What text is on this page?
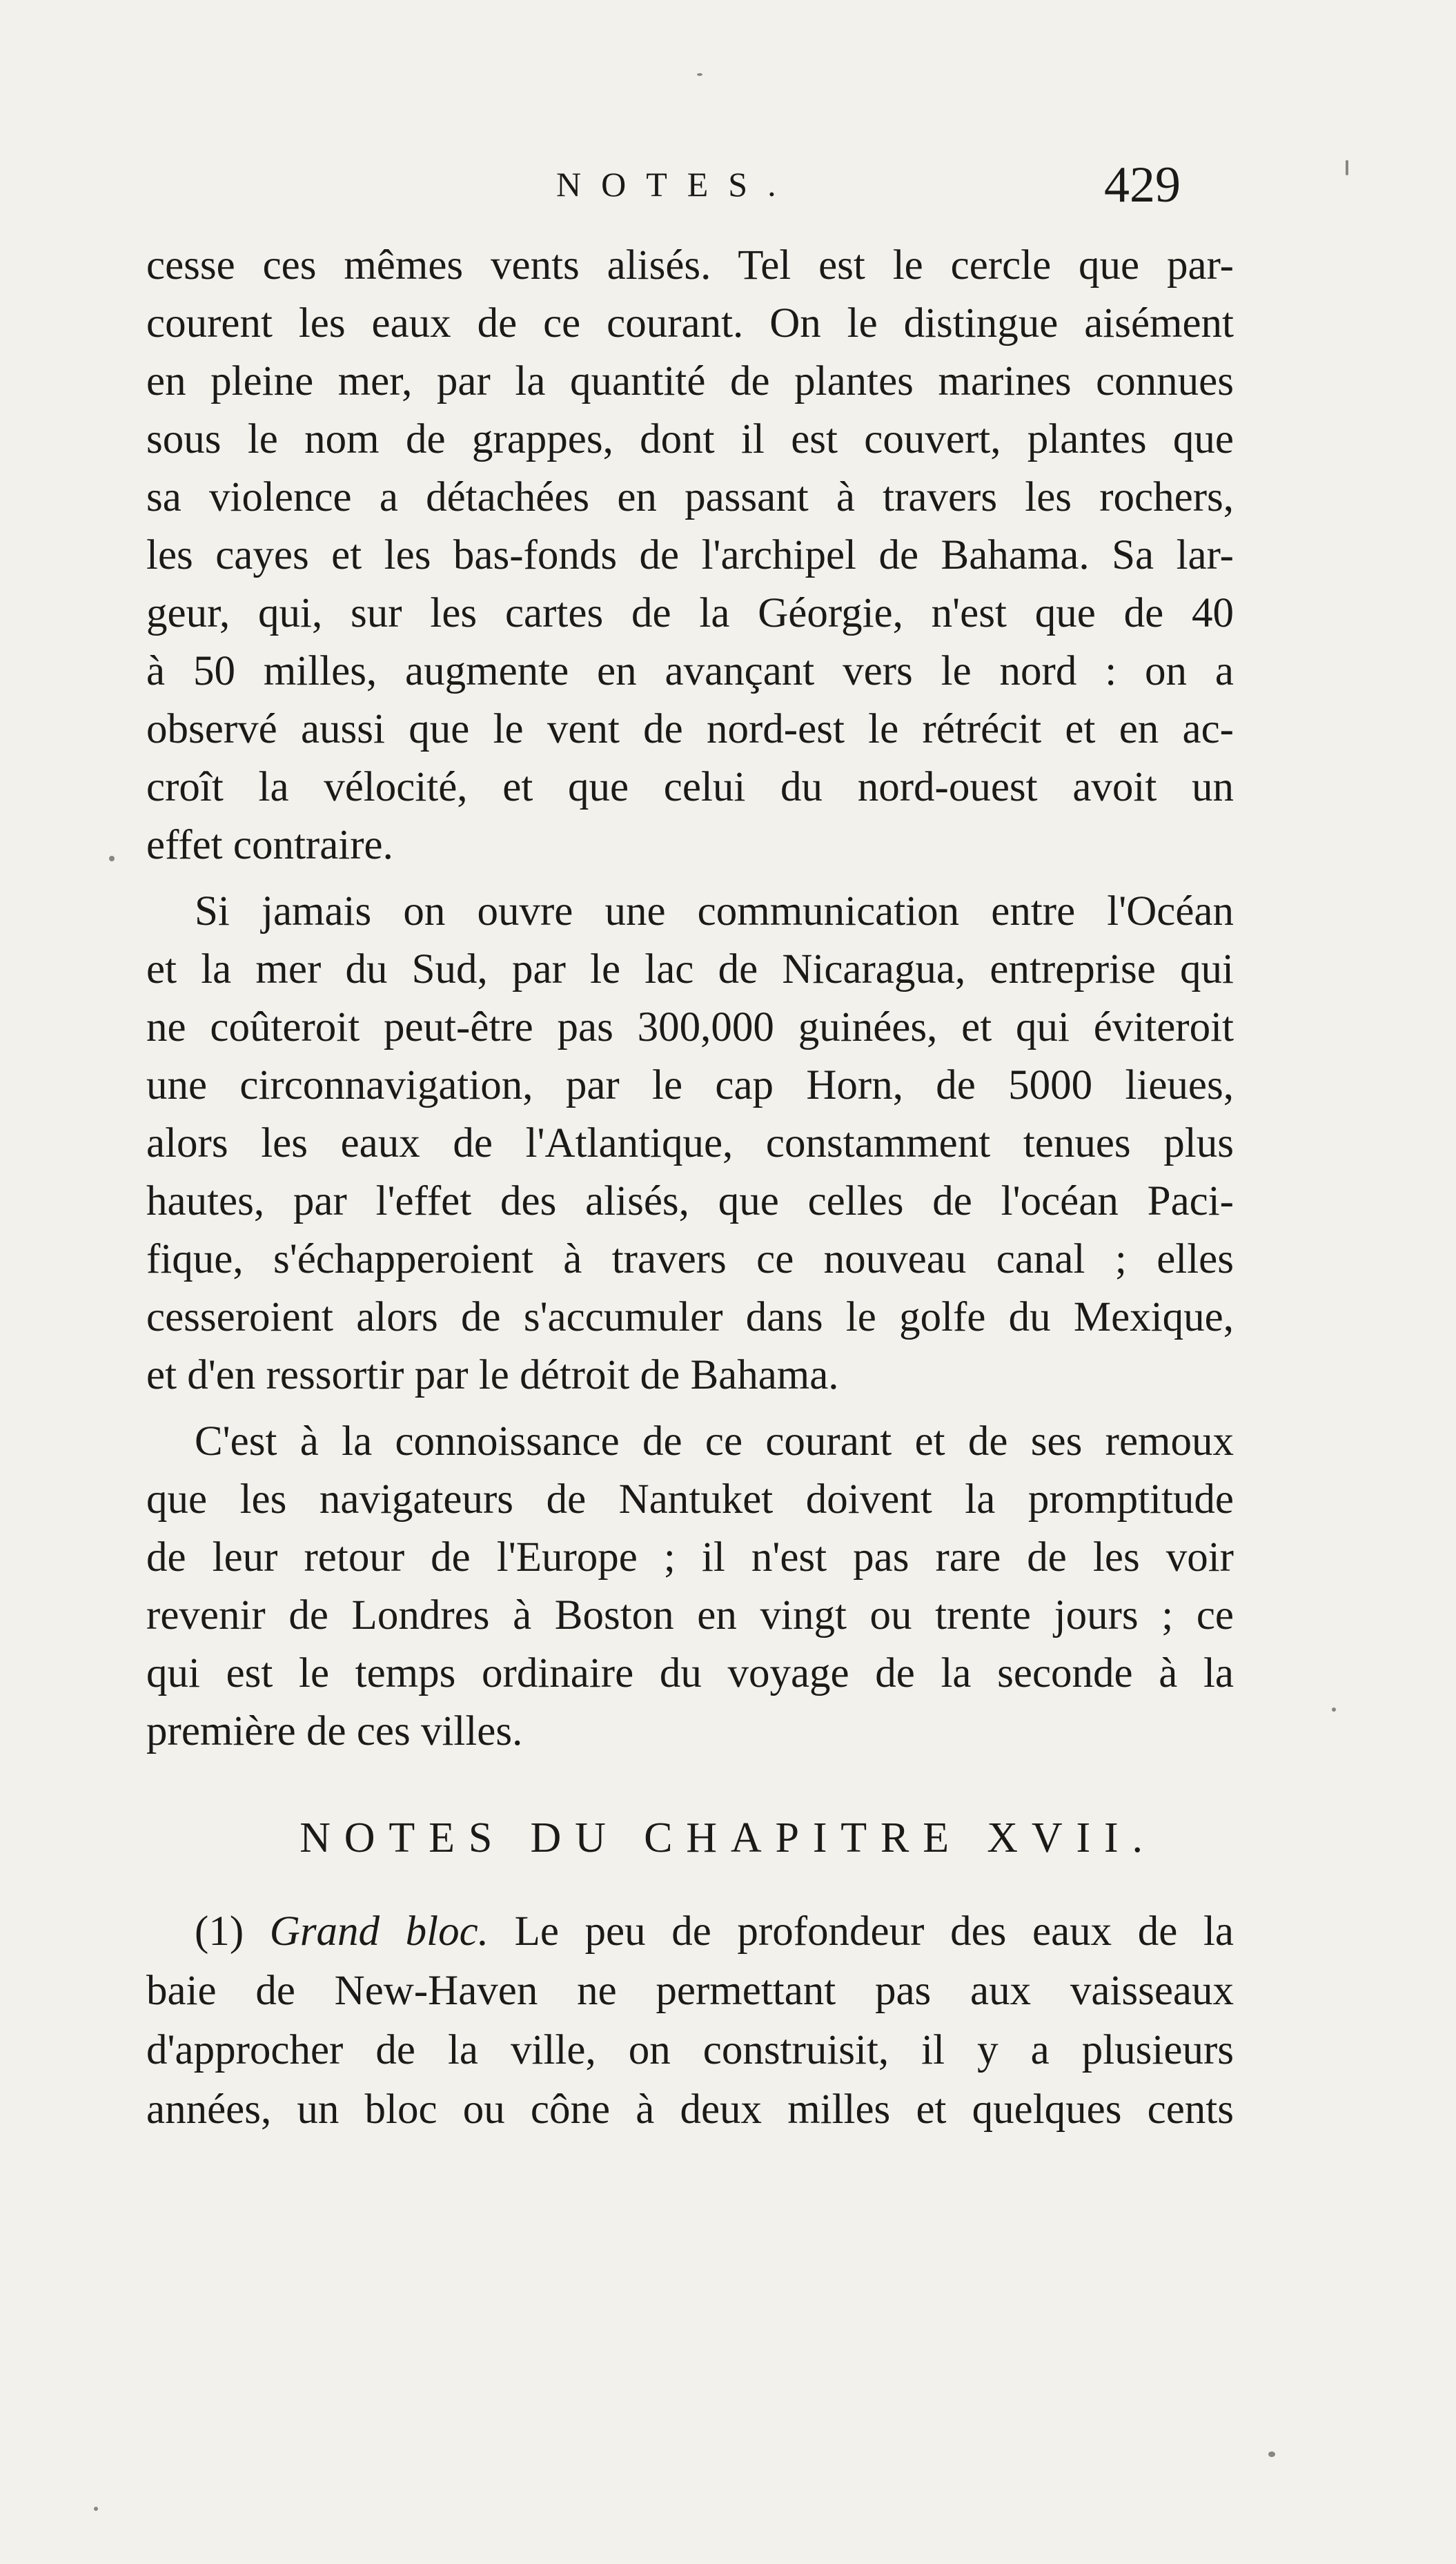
NOTES.	429
cesse ces mêmes vents alisés. Tel est le cercle que par-
courent les eaux de ce courant. On le distingue aisément
en pleine mer, par la quantité de plantes marines connues
sous le nom de grappes, dont il est couvert, plantes que
sa violence a détachées en passant à travers les rochers,
les cayes et les bas-fonds de l'archipel de Bahama. Sa lar-
geur, qui, sur les cartes de la Géorgie, n'est que de 40
à 50 milles, augmente en avançant vers le nord : on a
observé aussi que le vent de nord-est le rétrécit et en ac-
croît la vélocité, et que celui du nord-ouest avoit un
effet contraire.
Si jamais on ouvre une communication entre l'Océan
et la mer du Sud, par le lac de Nicaragua, entreprise qui
ne coûteroit peut-être pas 300,000 guinées, et qui éviteroit
une circonnavigation, par le cap Horn, de 5000 lieues,
alors les eaux de l'Atlantique, constamment tenues plus
hautes, par l'effet des alisés, que celles de l'océan Paci-
fique, s'échapperoient à travers ce nouveau canal ; elles
cesseroient alors de s'accumuler dans le golfe du Mexique,
et d'en ressortir par le détroit de Bahama.
C'est à la connoissance de ce courant et de ses remoux
que les navigateurs de Nantuket doivent la promptitude
de leur retour de l'Europe ; il n'est pas rare de les voir
revenir de Londres à Boston en vingt ou trente jours ; ce
qui est le temps ordinaire du voyage de la seconde à la
première de ces villes.
NOTES DU CHAPITRE XVII.
(1) Grand bloc. Le peu de profondeur des eaux de la
baie de New-Haven ne permettant pas aux vaisseaux
d'approcher de la ville, on construisit, il y a plusieurs
années, un bloc ou cône à deux milles et quelques cents
